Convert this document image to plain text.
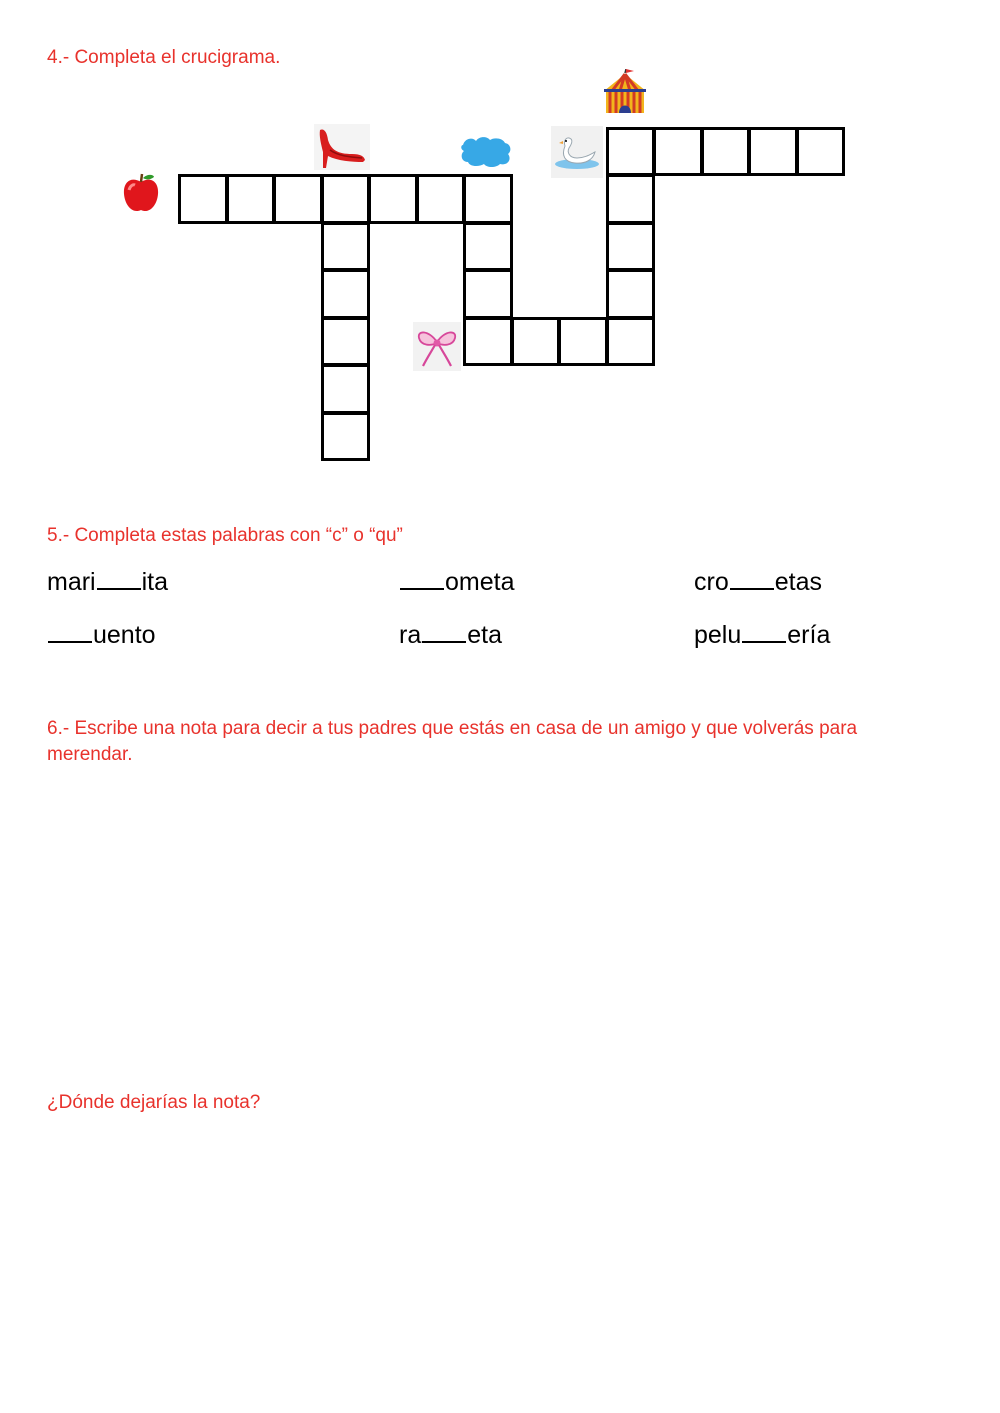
4.- Completa el crucigrama.

5.- Completa estas palabras con “c” o “qu”

mari ita	ometa	cro etas
uento	ra eta	pelu ería

6.- Escribe una nota para decir a tus padres que estás en casa de un amigo y que volverás para merendar.

¿Dónde dejarías la nota?
